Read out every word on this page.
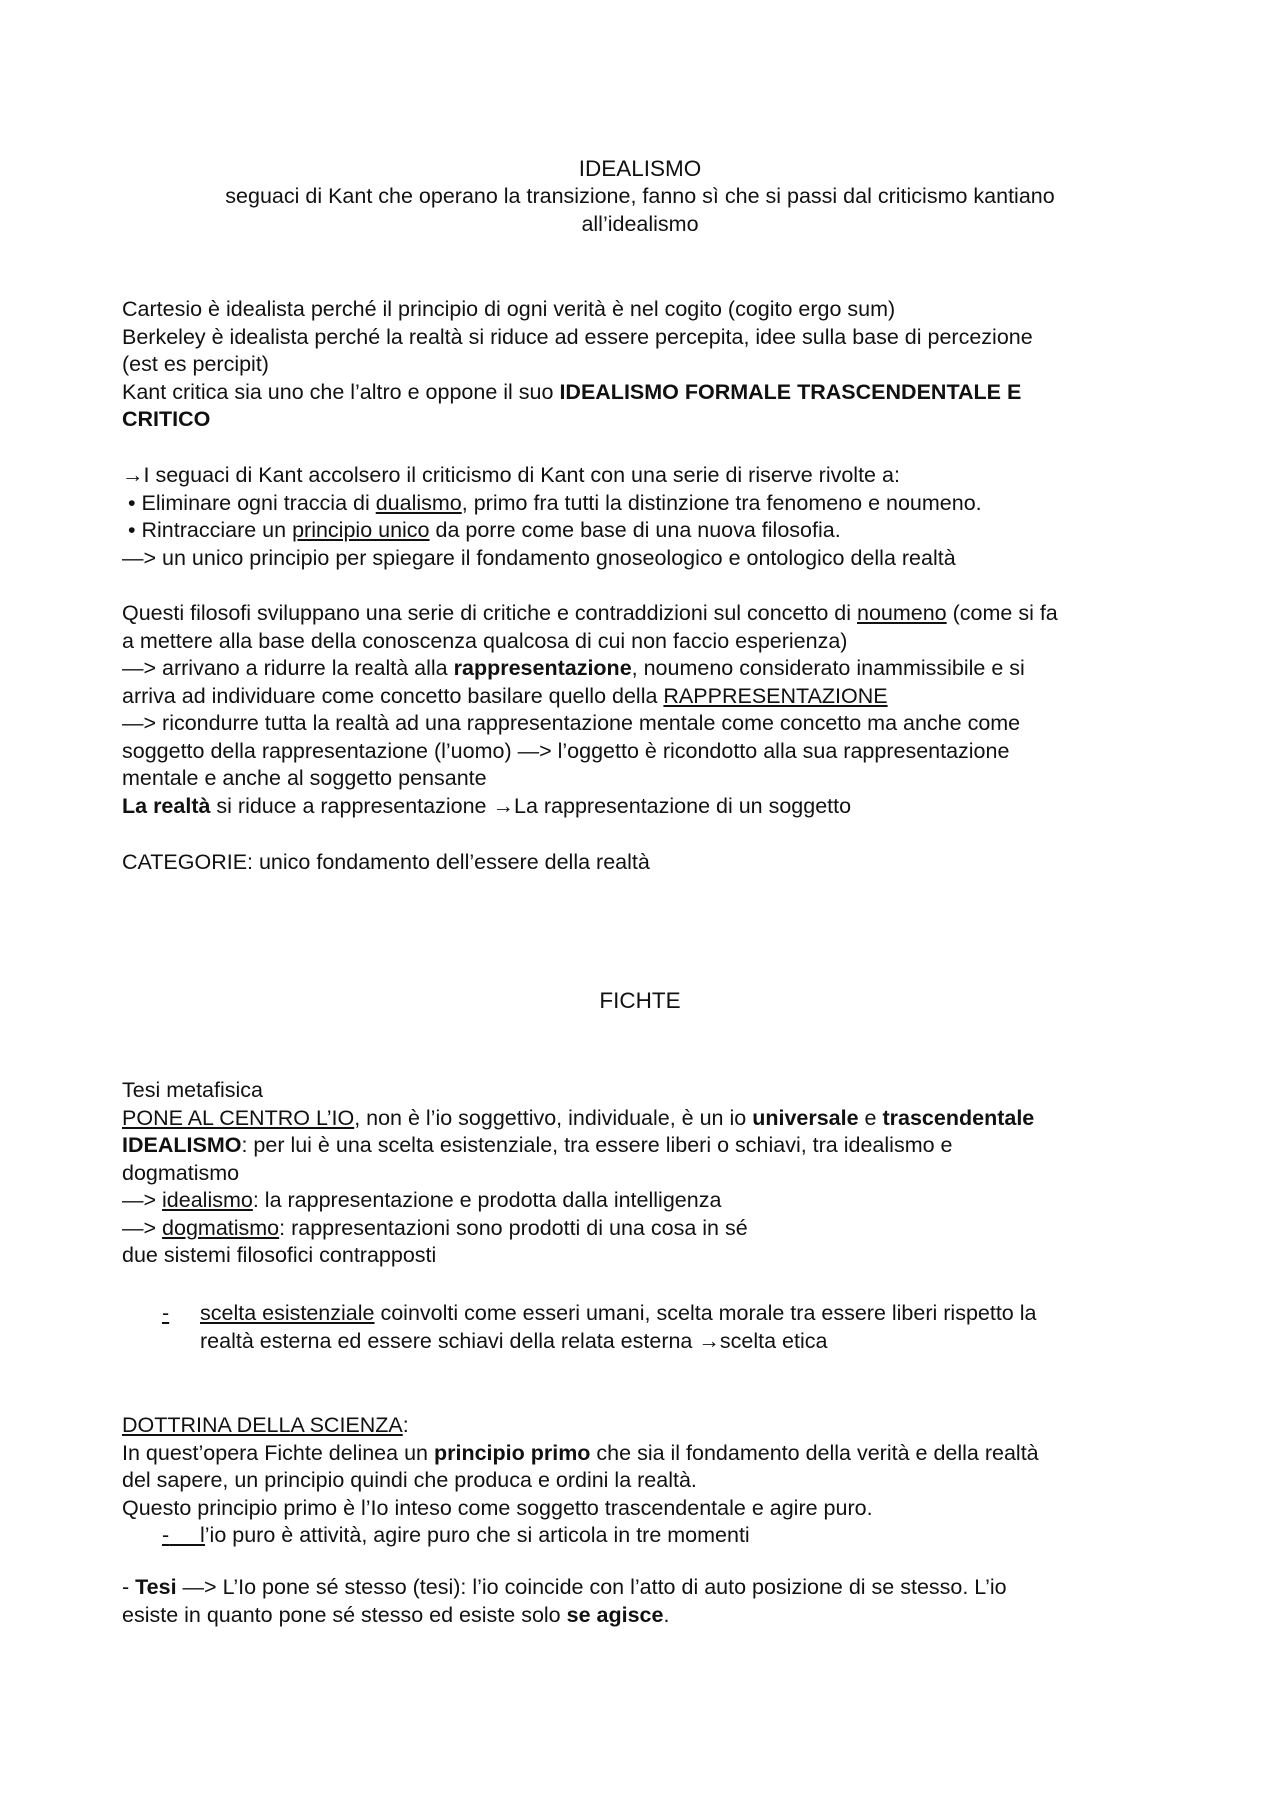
IDEALISMO

seguaci di Kant che operano la transizione, fanno sì che si passi dal criticismo kantiano

all’idealismo

Cartesio è idealista perché il principio di ogni verità è nel cogito (cogito ergo sum)

Berkeley è idealista perché la realtà si riduce ad essere percepita, idee sulla base di percezione

(est es percipit)

Kant critica sia uno che l’altro e oppone il suo IDEALISMO FORMALE TRASCENDENTALE E

CRITICO

→I seguaci di Kant accolsero il criticismo di Kant con una serie di riserve rivolte a:

• Eliminare ogni traccia di dualismo, primo fra tutti la distinzione tra fenomeno e noumeno.

• Rintracciare un principio unico da porre come base di una nuova filosofia.

—> un unico principio per spiegare il fondamento gnoseologico e ontologico della realtà

Questi filosofi sviluppano una serie di critiche e contraddizioni sul concetto di noumeno (come si fa

a mettere alla base della conoscenza qualcosa di cui non faccio esperienza)

—> arrivano a ridurre la realtà alla rappresentazione, noumeno considerato inammissibile e si

arriva ad individuare come concetto basilare quello della RAPPRESENTAZIONE

—> ricondurre tutta la realtà ad una rappresentazione mentale come concetto ma anche come

soggetto della rappresentazione (l’uomo) —> l’oggetto è ricondotto alla sua rappresentazione

mentale e anche al soggetto pensante

La realtà si riduce a rappresentazione →La rappresentazione di un soggetto

CATEGORIE: unico fondamento dell’essere della realtà

FICHTE

Tesi metafisica

PONE AL CENTRO L’IO, non è l’io soggettivo, individuale, è un io universale e trascendentale

IDEALISMO: per lui è una scelta esistenziale, tra essere liberi o schiavi, tra idealismo e

dogmatismo

—> idealismo: la rappresentazione e prodotta dalla intelligenza

—> dogmatismo: rappresentazioni sono prodotti di una cosa in sé

due sistemi filosofici contrapposti

- scelta esistenziale coinvolti come esseri umani, scelta morale tra essere liberi rispetto la

realtà esterna ed essere schiavi della relata esterna →scelta etica

DOTTRINA DELLA SCIENZA:

In quest’opera Fichte delinea un principio primo che sia il fondamento della verità e della realtà

del sapere, un principio quindi che produca e ordini la realtà.

Questo principio primo è l’Io inteso come soggetto trascendentale e agire puro.

-	l’io puro è attività, agire puro che si articola in tre momenti

- Tesi —> L’Io pone sé stesso (tesi): l’io coincide con l’atto di auto posizione di se stesso. L’io

esiste in quanto pone sé stesso ed esiste solo se agisce.
